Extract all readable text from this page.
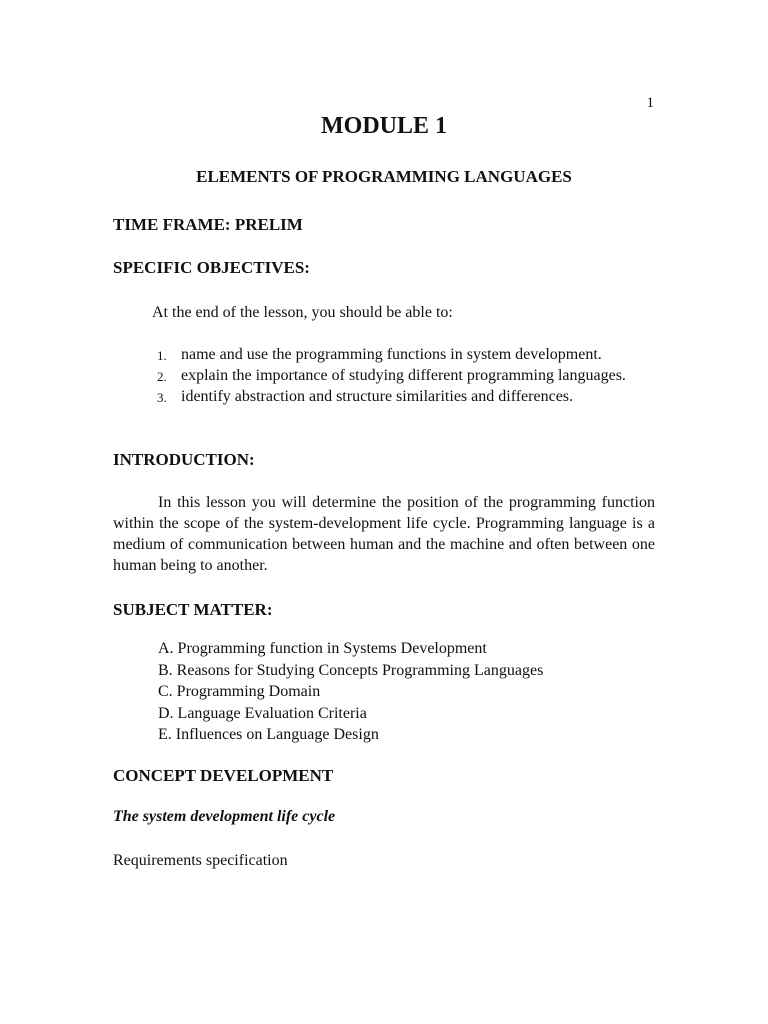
1
MODULE 1
ELEMENTS OF PROGRAMMING LANGUAGES
TIME FRAME: PRELIM
SPECIFIC OBJECTIVES:

At the end of the lesson, you should be able to:

1. name and use the programming functions in system development.
2. explain the importance of studying different programming languages.
3. identify abstraction and structure similarities and differences.
INTRODUCTION:

In this lesson you will determine the position of the programming function within the scope of the system-development life cycle. Programming language is a medium of communication between human and the machine and often between one human being to another.

SUBJECT MATTER:
A. Programming function in Systems Development
B. Reasons for Studying Concepts Programming Languages
C. Programming Domain
D. Language Evaluation Criteria
E. Influences on Language Design
CONCEPT DEVELOPMENT

The system development life cycle

Requirements specification
